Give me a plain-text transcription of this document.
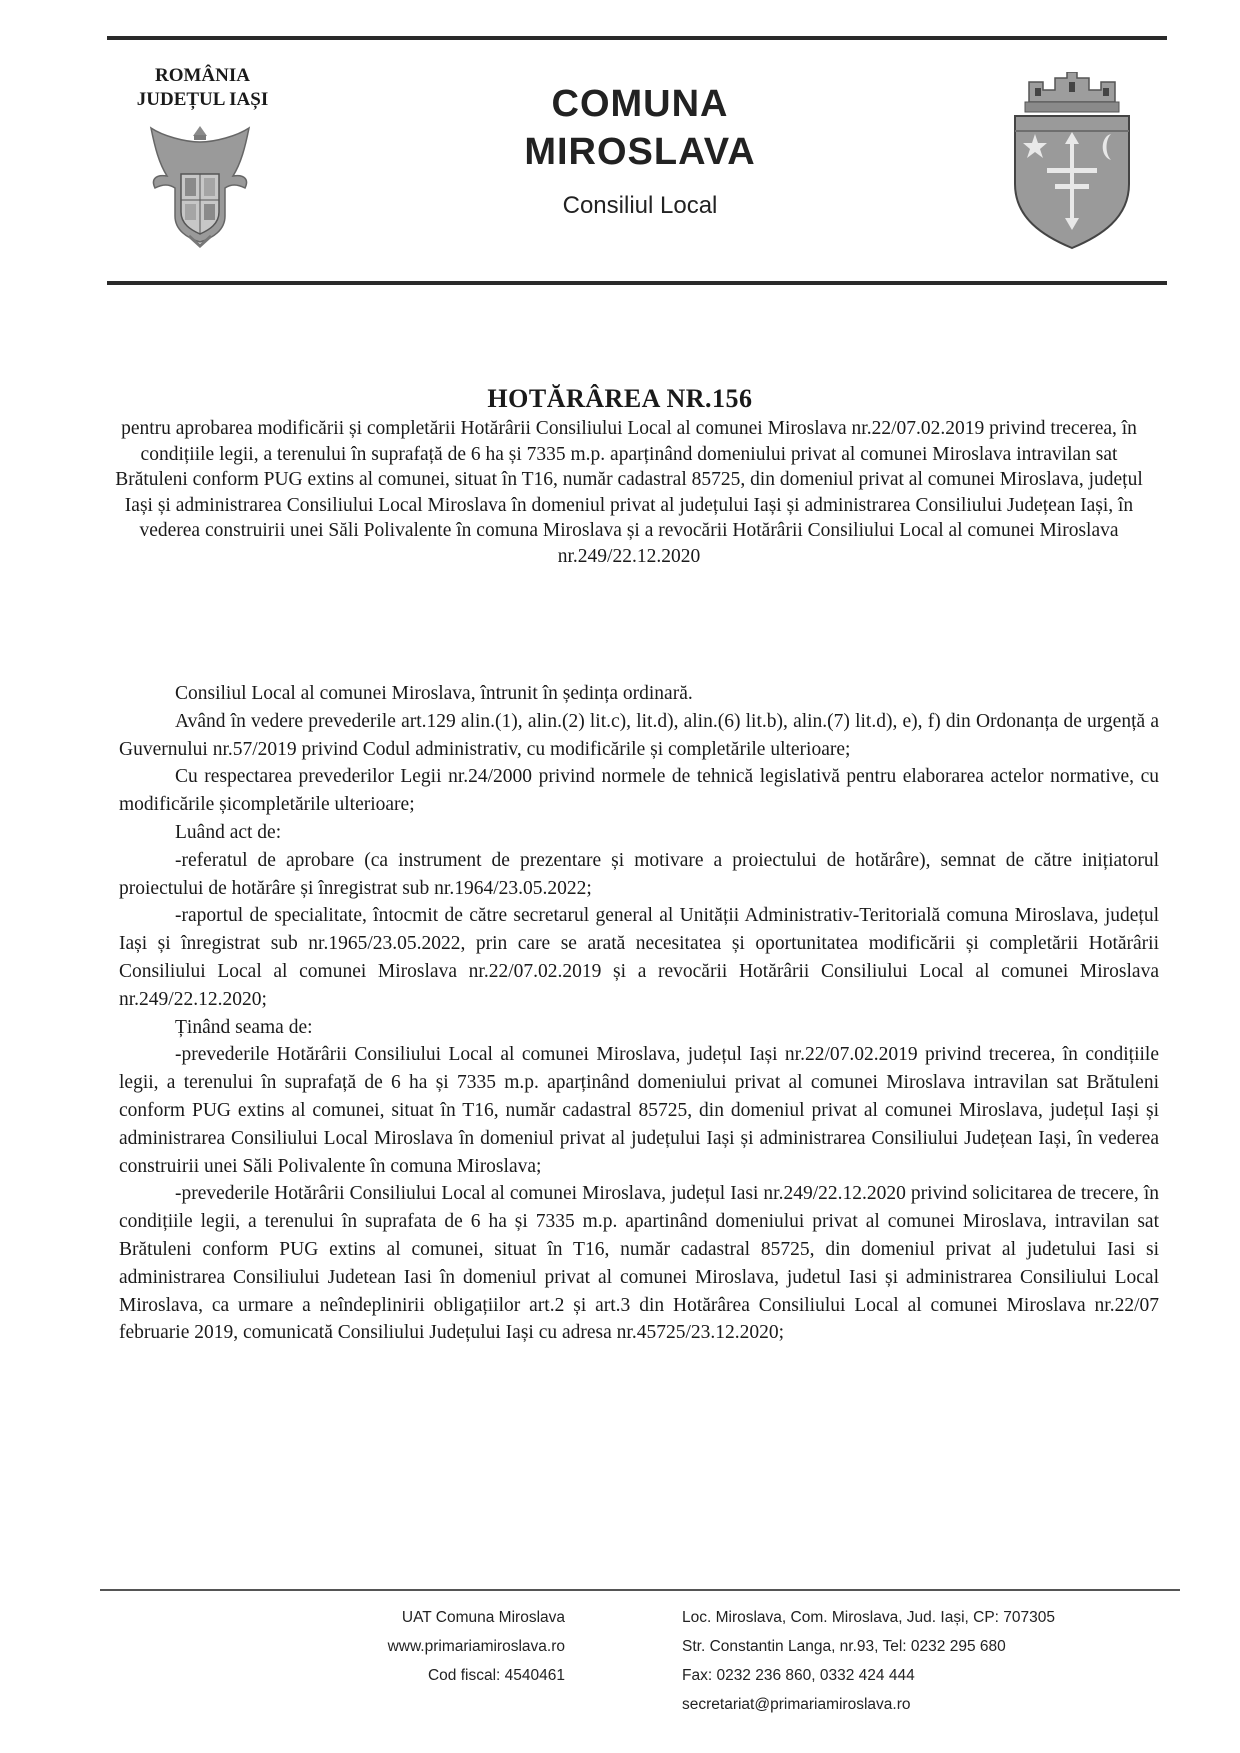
ROMÂNIA
JUDEȚUL IAȘI	COMUNA
MIROSLAVA
Consiliul Local
HOTĂRÂREA NR.156
pentru aprobarea modificării și completării Hotărârii Consiliului Local al comunei Miroslava nr.22/07.02.2019 privind trecerea, în condițiile legii, a terenului în suprafață de 6 ha și 7335 m.p. aparținând domeniului privat al comunei Miroslava intravilan sat Brătuleni conform PUG extins al comunei, situat în T16, număr cadastral 85725, din domeniul privat al comunei Miroslava, județul Iași și administrarea Consiliului Local Miroslava în domeniul privat al județului Iași și administrarea Consiliului Județean Iași, în vederea construirii unei Săli Polivalente în comuna Miroslava și a revocării Hotărârii Consiliului Local al comunei Miroslava nr.249/22.12.2020

Consiliul Local al comunei Miroslava, întrunit în ședința ordinară.

Având în vedere prevederile art.129 alin.(1), alin.(2) lit.c), lit.d), alin.(6) lit.b), alin.(7) lit.d), e), f) din Ordonanța de urgență a Guvernului nr.57/2019 privind Codul administrativ, cu modificările și completările ulterioare;

Cu respectarea prevederilor Legii nr.24/2000 privind normele de tehnică legislativă pentru elaborarea actelor normative, cu modificările șicompletările ulterioare;

Luând act de:

-referatul de aprobare (ca instrument de prezentare și motivare a proiectului de hotărâre), semnat de către inițiatorul proiectului de hotărâre și înregistrat sub nr.1964/23.05.2022;

-raportul de specialitate, întocmit de către secretarul general al Unității Administrativ-Teritorială comuna Miroslava, județul Iași și înregistrat sub nr.1965/23.05.2022, prin care se arată necesitatea și oportunitatea modificării și completării Hotărârii Consiliului Local al comunei Miroslava nr.22/07.02.2019 și a revocării Hotărârii Consiliului Local al comunei Miroslava nr.249/22.12.2020;

Ținând seama de:

-prevederile Hotărârii Consiliului Local al comunei Miroslava, județul Iași nr.22/07.02.2019 privind trecerea, în condițiile legii, a terenului în suprafață de 6 ha și 7335 m.p. aparținând domeniului privat al comunei Miroslava intravilan sat Brătuleni conform PUG extins al comunei, situat în T16, număr cadastral 85725, din domeniul privat al comunei Miroslava, județul Iași și administrarea Consiliului Local Miroslava în domeniul privat al județului Iași și administrarea Consiliului Județean Iași, în vederea construirii unei Săli Polivalente în comuna Miroslava;

-prevederile Hotărârii Consiliului Local al comunei Miroslava, județul Iasi nr.249/22.12.2020 privind solicitarea de trecere, în condițiile legii, a terenului în suprafata de 6 ha și 7335 m.p. apartinând domeniului privat al comunei Miroslava, intravilan sat Brătuleni conform PUG extins al comunei, situat în T16, număr cadastral 85725, din domeniul privat al judetului Iasi si administrarea Consiliului Judetean Iasi în domeniul privat al comunei Miroslava, judetul Iasi și administrarea Consiliului Local Miroslava, ca urmare a neîndeplinirii obligațiilor art.2 și art.3 din Hotărârea Consiliului Local al comunei Miroslava nr.22/07 februarie 2019, comunicată Consiliului Județului Iași cu adresa nr.45725/23.12.2020;

UAT Comuna Miroslava
www.primariamiroslava.ro
Cod fiscal: 4540461
Loc. Miroslava, Com. Miroslava, Jud. Iași, CP: 707305
Str. Constantin Langa, nr.93, Tel: 0232 295 680
Fax: 0232 236 860, 0332 424 444
secretariat@primariamiroslava.ro
